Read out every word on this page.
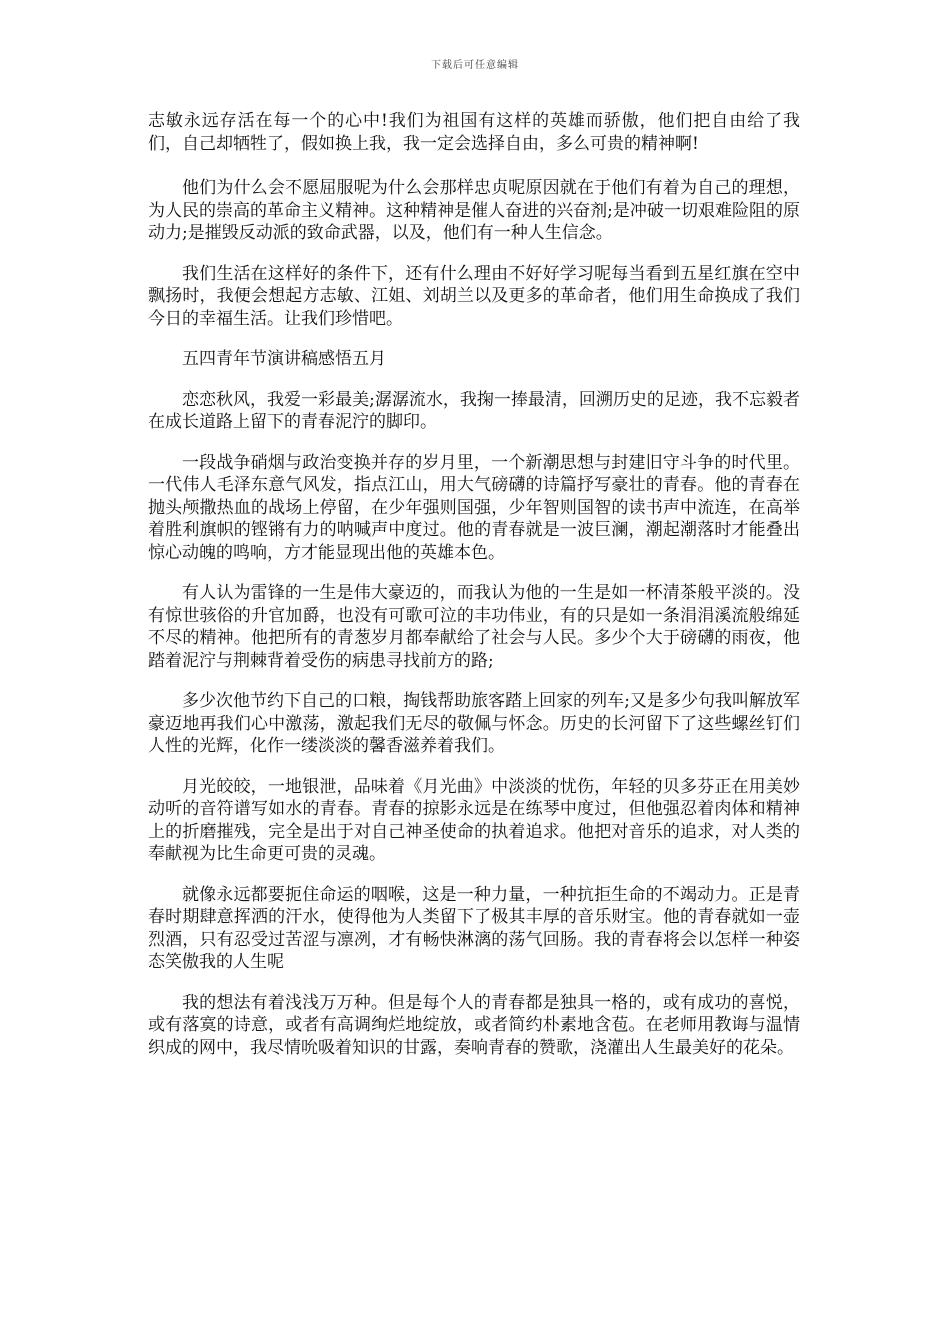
下载后可任意编辑

志敏永远存活在每一个的心中!我们为祖国有这样的英雄而骄傲，他们把自由给了我们，自己却牺牲了，假如换上我，我一定会选择自由，多么可贵的精神啊!

他们为什么会不愿屈服呢为什么会那样忠贞呢原因就在于他们有着为自己的理想，为人民的崇高的革命主义精神。这种精神是催人奋进的兴奋剂;是冲破一切艰难险阻的原动力;是摧毁反动派的致命武器，以及，他们有一种人生信念。

我们生活在这样好的条件下，还有什么理由不好好学习呢每当看到五星红旗在空中飘扬时，我便会想起方志敏、江姐、刘胡兰以及更多的革命者，他们用生命换成了我们今日的幸福生活。让我们珍惜吧。

五四青年节演讲稿感悟五月

恋恋秋风，我爱一彩最美;潺潺流水，我掬一捧最清，回溯历史的足迹，我不忘毅者在成长道路上留下的青春泥泞的脚印。

一段战争硝烟与政治变换并存的岁月里，一个新潮思想与封建旧守斗争的时代里。一代伟人毛泽东意气风发，指点江山，用大气磅礴的诗篇抒写豪壮的青春。他的青春在抛头颅撒热血的战场上停留，在少年强则国强，少年智则国智的读书声中流连，在高举着胜利旗帜的铿锵有力的呐喊声中度过。他的青春就是一波巨澜，潮起潮落时才能叠出惊心动魄的鸣响，方才能显现出他的英雄本色。

有人认为雷锋的一生是伟大豪迈的，而我认为他的一生是如一杯清茶般平淡的。没有惊世骇俗的升官加爵，也没有可歌可泣的丰功伟业，有的只是如一条涓涓溪流般绵延不尽的精神。他把所有的青葱岁月都奉献给了社会与人民。多少个大于磅礴的雨夜，他踏着泥泞与荆棘背着受伤的病患寻找前方的路;

多少次他节约下自己的口粮，掏钱帮助旅客踏上回家的列车;又是多少句我叫解放军豪迈地再我们心中激荡，激起我们无尽的敬佩与怀念。历史的长河留下了这些螺丝钉们人性的光辉，化作一缕淡淡的馨香滋养着我们。

月光皎皎，一地银泄，品味着《月光曲》中淡淡的忧伤，年轻的贝多芬正在用美妙动听的音符谱写如水的青春。青春的掠影永远是在练琴中度过，但他强忍着肉体和精神上的折磨摧残，完全是出于对自己神圣使命的执着追求。他把对音乐的追求，对人类的奉献视为比生命更可贵的灵魂。

就像永远都要扼住命运的咽喉，这是一种力量，一种抗拒生命的不竭动力。正是青春时期肆意挥洒的汗水，使得他为人类留下了极其丰厚的音乐财宝。他的青春就如一壶烈酒，只有忍受过苦涩与凛冽，才有畅快淋漓的荡气回肠。我的青春将会以怎样一种姿态笑傲我的人生呢

我的想法有着浅浅万万种。但是每个人的青春都是独具一格的，或有成功的喜悦，或有落寞的诗意，或者有高调绚烂地绽放，或者简约朴素地含苞。在老师用教诲与温情织成的网中，我尽情吮吸着知识的甘露，奏响青春的赞歌，浇灌出人生最美好的花朵。
